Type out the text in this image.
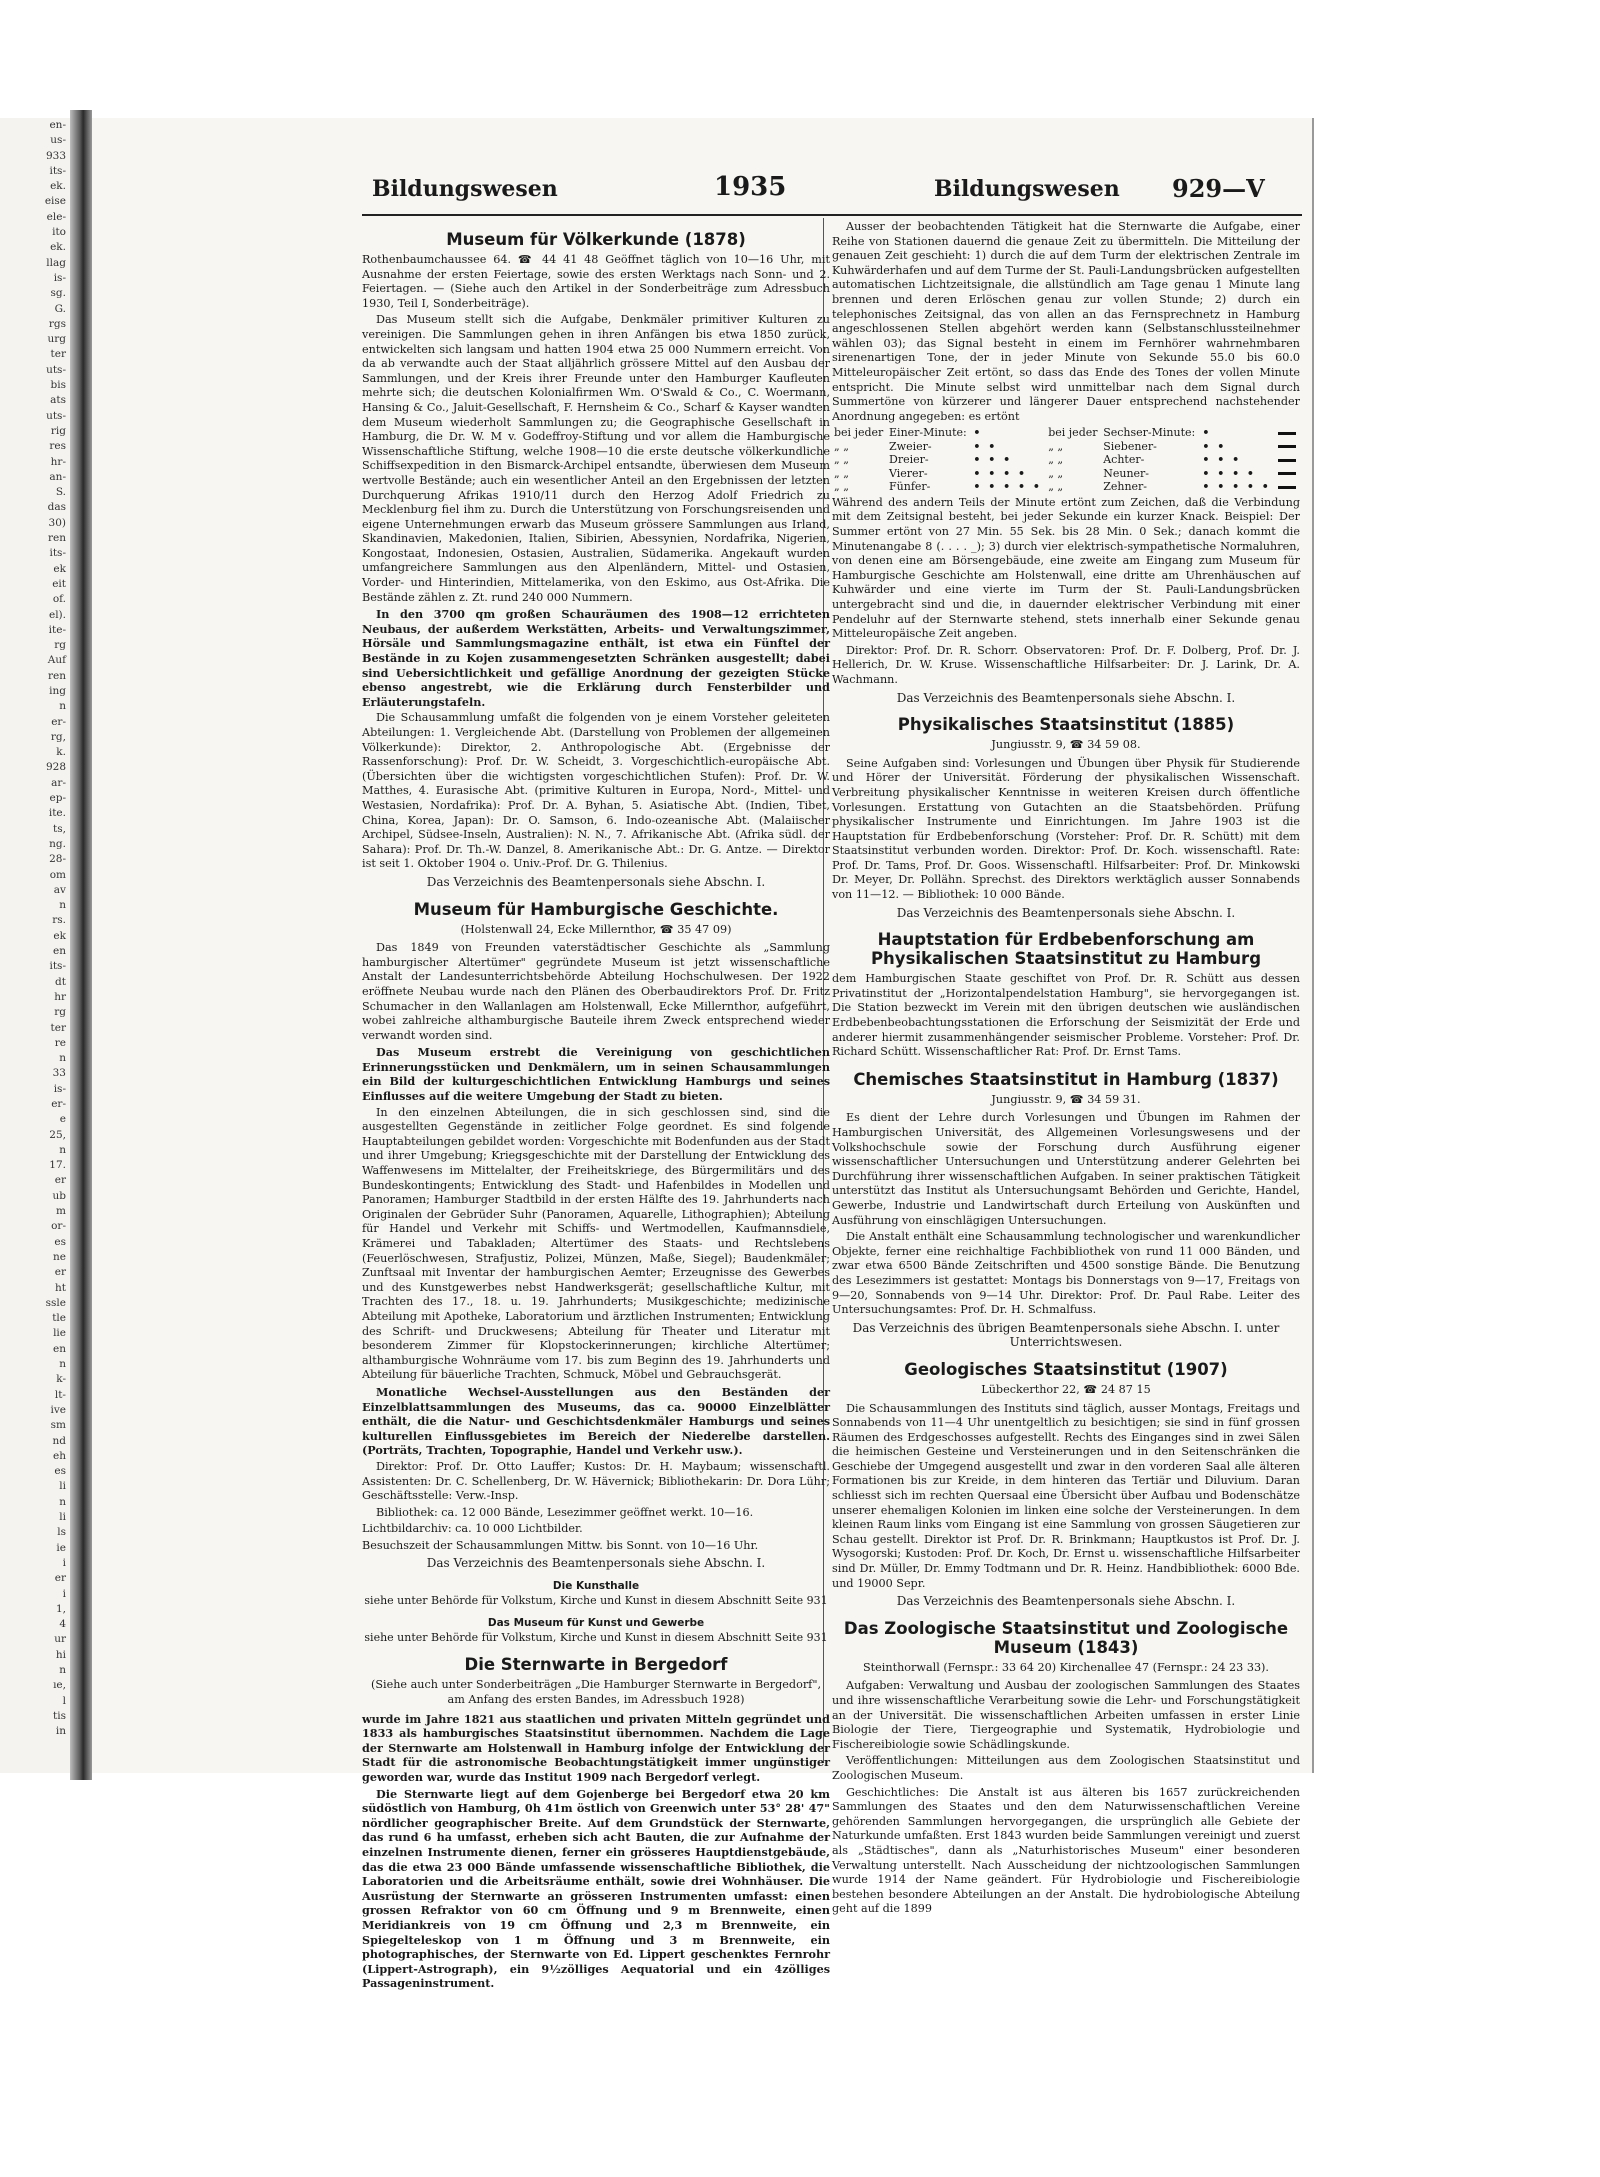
en-
us-
933
its-
ek.
eise
ele-
ito
ek.
llag
is-
sg.
G.
rgs
urg
ter
uts-
bis
ats
uts-
rig
res
hr-
an-
S.
das
30)
ren
its-
ek
eit
of.
el).
ite-
rg
Auf
ren
ing
n
er-
rg,
k.
928
ar-
ep-
ite.
ts,
ng.
28-
om
av
n
rs.
ek
en
its-
dt
hr
rg
ter
re
n
33
is-
er-
e
25,
n
17.
er
ub
m
or-
es
ne
er
ht
ssle
tle
lie
en
n
k-
lt-
ive
sm
nd
eh
es
li
n
li
ls
ie
i
er
i
1,
4
ur
hi
n
ıe,
l
tis
in
Bildungswesen	1935	Bildungswesen 929—V
Museum für Völkerkunde (1878)

Rothenbaumchaussee 64. ☎ 44 41 48 Geöffnet täglich von 10—16 Uhr, mit Ausnahme der ersten Feiertage, sowie des ersten Werktags nach Sonn- und 2. Feiertagen. — (Siehe auch den Artikel in der Sonderbeiträge zum Adressbuch 1930, Teil I, Sonderbeiträge).

Das Museum stellt sich die Aufgabe, Denkmäler primitiver Kulturen zu vereinigen. Die Sammlungen gehen in ihren Anfängen bis etwa 1850 zurück, entwickelten sich langsam und hatten 1904 etwa 25 000 Nummern erreicht. Von da ab verwandte auch der Staat alljährlich grössere Mittel auf den Ausbau der Sammlungen, und der Kreis ihrer Freunde unter den Hamburger Kaufleuten mehrte sich; die deutschen Kolonialfirmen Wm. O'Swald & Co., C. Woermann, Hansing & Co., Jaluit-Gesellschaft, F. Hernsheim & Co., Scharf & Kayser wandten dem Museum wiederholt Sammlungen zu; die Geographische Gesellschaft in Hamburg, die Dr. W. M v. Godeffroy-Stiftung und vor allem die Hamburgische Wissenschaftliche Stiftung, welche 1908—10 die erste deutsche völkerkundliche Schiffsexpedition in den Bismarck-Archipel entsandte, überwiesen dem Museum wertvolle Bestände; auch ein wesentlicher Anteil an den Ergebnissen der letzten Durchquerung Afrikas 1910/11 durch den Herzog Adolf Friedrich zu Mecklenburg fiel ihm zu. Durch die Unterstützung von Forschungsreisenden und eigene Unternehmungen erwarb das Museum grössere Sammlungen aus Irland, Skandinavien, Makedonien, Italien, Sibirien, Abessynien, Nordafrika, Nigerien, Kongostaat, Indonesien, Ostasien, Australien, Südamerika. Angekauft wurden umfangreichere Sammlungen aus den Alpenländern, Mittel- und Ostasien, Vorder- und Hinterindien, Mittelamerika, von den Eskimo, aus Ost-Afrika. Die Bestände zählen z. Zt. rund 240 000 Nummern.

In den 3700 qm großen Schauräumen des 1908—12 errichteten Neubaus, der außerdem Werkstätten, Arbeits- und Verwaltungszimmer, Hörsäle und Sammlungsmagazine enthält, ist etwa ein Fünftel der Bestände in zu Kojen zusammengesetzten Schränken ausgestellt; dabei sind Uebersichtlichkeit und gefällige Anordnung der gezeigten Stücke ebenso angestrebt, wie die Erklärung durch Fensterbilder und Erläuterungstafeln.

Die Schausammlung umfaßt die folgenden von je einem Vorsteher geleiteten Abteilungen: 1. Vergleichende Abt. (Darstellung von Problemen der allgemeinen Völkerkunde): Direktor, 2. Anthropologische Abt. (Ergebnisse der Rassenforschung): Prof. Dr. W. Scheidt, 3. Vorgeschichtlich-europäische Abt. (Übersichten über die wichtigsten vorgeschichtlichen Stufen): Prof. Dr. W. Matthes, 4. Eurasische Abt. (primitive Kulturen in Europa, Nord-, Mittel- und Westasien, Nordafrika): Prof. Dr. A. Byhan, 5. Asiatische Abt. (Indien, Tibet, China, Korea, Japan): Dr. O. Samson, 6. Indo-ozeanische Abt. (Malaiischer Archipel, Südsee-Inseln, Australien): N. N., 7. Afrikanische Abt. (Afrika südl. der Sahara): Prof. Dr. Th.-W. Danzel, 8. Amerikanische Abt.: Dr. G. Antze. — Direktor ist seit 1. Oktober 1904 o. Univ.-Prof. Dr. G. Thilenius.

Das Verzeichnis des Beamtenpersonals siehe Abschn. I.

Museum für Hamburgische Geschichte.
(Holstenwall 24, Ecke Millernthor, ☎ 35 47 09)

Das 1849 von Freunden vaterstädtischer Geschichte als „Sammlung hamburgischer Altertümer" gegründete Museum ist jetzt wissenschaftliche Anstalt der Landesunterrichtsbehörde Abteilung Hochschulwesen. Der 1922 eröffnete Neubau wurde nach den Plänen des Oberbaudirektors Prof. Dr. Fritz Schumacher in den Wallanlagen am Holstenwall, Ecke Millernthor, aufgeführt, wobei zahlreiche althamburgische Bauteile ihrem Zweck entsprechend wieder verwandt worden sind.

Das Museum erstrebt die Vereinigung von geschichtlichen Erinnerungsstücken und Denkmälern, um in seinen Schausammlungen ein Bild der kulturgeschichtlichen Entwicklung Hamburgs und seines Einflusses auf die weitere Umgebung der Stadt zu bieten.

In den einzelnen Abteilungen, die in sich geschlossen sind, sind die ausgestellten Gegenstände in zeitlicher Folge geordnet. Es sind folgende Hauptabteilungen gebildet worden: Vorgeschichte mit Bodenfunden aus der Stadt und ihrer Umgebung; Kriegsgeschichte mit der Darstellung der Entwicklung des Waffenwesens im Mittelalter, der Freiheitskriege, des Bürgermilitärs und des Bundeskontingents; Entwicklung des Stadt- und Hafenbildes in Modellen und Panoramen; Hamburger Stadtbild in der ersten Hälfte des 19. Jahrhunderts nach Originalen der Gebrüder Suhr (Panoramen, Aquarelle, Lithographien); Abteilung für Handel und Verkehr mit Schiffs- und Wertmodellen, Kaufmannsdiele, Krämerei und Tabakladen; Altertümer des Staats- und Rechtslebens (Feuerlöschwesen, Strafjustiz, Polizei, Münzen, Maße, Siegel); Baudenkmäler; Zunftsaal mit Inventar der hamburgischen Aemter; Erzeugnisse des Gewerbes und des Kunstgewerbes nebst Handwerksgerät; gesellschaftliche Kultur, mit Trachten des 17., 18. u. 19. Jahrhunderts; Musikgeschichte; medizinische Abteilung mit Apotheke, Laboratorium und ärztlichen Instrumenten; Entwicklung des Schrift- und Druckwesens; Abteilung für Theater und Literatur mit besonderem Zimmer für Klopstockerinnerungen; kirchliche Altertümer; althamburgische Wohnräume vom 17. bis zum Beginn des 19. Jahrhunderts und Abteilung für bäuerliche Trachten, Schmuck, Möbel und Gebrauchsgerät.

Monatliche Wechsel-Ausstellungen aus den Beständen der Einzelblattsammlungen des Museums, das ca. 90000 Einzelblätter enthält, die die Natur- und Geschichtsdenkmäler Hamburgs und seines kulturellen Einflussgebietes im Bereich der Niederelbe darstellen. (Porträts, Trachten, Topographie, Handel und Verkehr usw.).

Direktor: Prof. Dr. Otto Lauffer; Kustos: Dr. H. Maybaum; wissenschaftl. Assistenten: Dr. C. Schellenberg, Dr. W. Hävernick; Bibliothekarin: Dr. Dora Lühr; Geschäftsstelle: Verw.-Insp.

Bibliothek: ca. 12 000 Bände, Lesezimmer geöffnet werkt. 10—16.

Lichtbildarchiv: ca. 10 000 Lichtbilder.

Besuchszeit der Schausammlungen Mittw. bis Sonnt. von 10—16 Uhr.

Das Verzeichnis des Beamtenpersonals siehe Abschn. I.

Die Kunsthalle

siehe unter Behörde für Volkstum, Kirche und Kunst in diesem Abschnitt Seite 931

Das Museum für Kunst und Gewerbe

siehe unter Behörde für Volkstum, Kirche und Kunst in diesem Abschnitt Seite 931

Die Sternwarte in Bergedorf
(Siehe auch unter Sonderbeiträgen „Die Hamburger Sternwarte in Bergedorf", am Anfang des ersten Bandes, im Adressbuch 1928)

wurde im Jahre 1821 aus staatlichen und privaten Mitteln gegründet und 1833 als hamburgisches Staatsinstitut übernommen. Nachdem die Lage der Sternwarte am Holstenwall in Hamburg infolge der Entwicklung der Stadt für die astronomische Beobachtungstätigkeit immer ungünstiger geworden war, wurde das Institut 1909 nach Bergedorf verlegt.

Die Sternwarte liegt auf dem Gojenberge bei Bergedorf etwa 20 km südöstlich von Hamburg, 0h 41m östlich von Greenwich unter 53° 28' 47" nördlicher geographischer Breite. Auf dem Grundstück der Sternwarte, das rund 6 ha umfasst, erheben sich acht Bauten, die zur Aufnahme der einzelnen Instrumente dienen, ferner ein grösseres Hauptdienstgebäude, das die etwa 23 000 Bände umfassende wissenschaftliche Bibliothek, die Laboratorien und die Arbeitsräume enthält, sowie drei Wohnhäuser. Die Ausrüstung der Sternwarte an grösseren Instrumenten umfasst: einen grossen Refraktor von 60 cm Öffnung und 9 m Brennweite, einen Meridiankreis von 19 cm Öffnung und 2,3 m Brennweite, ein Spiegelteleskop von 1 m Öffnung und 3 m Brennweite, ein photographisches, der Sternwarte von Ed. Lippert geschenktes Fernrohr (Lippert-Astrograph), ein 9½zölliges Aequatorial und ein 4zölliges Passageninstrument.

Ausser der beobachtenden Tätigkeit hat die Sternwarte die Aufgabe, einer Reihe von Stationen dauernd die genaue Zeit zu übermitteln. Die Mitteilung der genauen Zeit geschieht: 1) durch die auf dem Turm der elektrischen Zentrale im Kuhwärderhafen und auf dem Turme der St. Pauli-Landungsbrücken aufgestellten automatischen Lichtzeitsignale, die allstündlich am Tage genau 1 Minute lang brennen und deren Erlöschen genau zur vollen Stunde; 2) durch ein telephonisches Zeitsignal, das von allen an das Fernsprechnetz in Hamburg angeschlossenen Stellen abgehört werden kann (Selbstanschlussteilnehmer wählen 03); das Signal besteht in einem im Fernhörer wahrnehmbaren sirenenartigen Tone, der in jeder Minute von Sekunde 55.0 bis 60.0 Mitteleuropäischer Zeit ertönt, so dass das Ende des Tones der vollen Minute entspricht. Die Minute selbst wird unmittelbar nach dem Signal durch Summertöne von kürzerer und längerer Dauer entsprechend nachstehender Anordnung angegeben: es ertönt

bei jeder	Einer-Minute:	•	bei jeder	Sechser-Minute:	•	
„ „	Zweier-	• •	„ „	Siebener-	• •	
„ „	Dreier-	• • •	„ „	Achter-	• • •	
„ „	Vierer-	• • • •	„ „	Neuner-	• • • •	
„ „	Fünfer-	• • • • •	„ „	Zehner-	• • • • •	

Während des andern Teils der Minute ertönt zum Zeichen, daß die Verbindung mit dem Zeitsignal besteht, bei jeder Sekunde ein kurzer Knack. Beispiel: Der Summer ertönt von 27 Min. 55 Sek. bis 28 Min. 0 Sek.; danach kommt die Minutenangabe 8 (. . . . _); 3) durch vier elektrisch-sympathetische Normaluhren, von denen eine am Börsengebäude, eine zweite am Eingang zum Museum für Hamburgische Geschichte am Holstenwall, eine dritte am Uhrenhäuschen auf Kuhwärder und eine vierte im Turm der St. Pauli-Landungsbrücken untergebracht sind und die, in dauernder elektrischer Verbindung mit einer Pendeluhr auf der Sternwarte stehend, stets innerhalb einer Sekunde genau Mitteleuropäische Zeit angeben.

Direktor: Prof. Dr. R. Schorr. Observatoren: Prof. Dr. F. Dolberg, Prof. Dr. J. Hellerich, Dr. W. Kruse. Wissenschaftliche Hilfsarbeiter: Dr. J. Larink, Dr. A. Wachmann.

Das Verzeichnis des Beamtenpersonals siehe Abschn. I.

Physikalisches Staatsinstitut (1885)
Jungiusstr. 9, ☎ 34 59 08.

Seine Aufgaben sind: Vorlesungen und Übungen über Physik für Studierende und Hörer der Universität. Förderung der physikalischen Wissenschaft. Verbreitung physikalischer Kenntnisse in weiteren Kreisen durch öffentliche Vorlesungen. Erstattung von Gutachten an die Staatsbehörden. Prüfung physikalischer Instrumente und Einrichtungen. Im Jahre 1903 ist die Hauptstation für Erdbebenforschung (Vorsteher: Prof. Dr. R. Schütt) mit dem Staatsinstitut verbunden worden. Direktor: Prof. Dr. Koch. wissenschaftl. Rate: Prof. Dr. Tams, Prof. Dr. Goos. Wissenschaftl. Hilfsarbeiter: Prof. Dr. Minkowski Dr. Meyer, Dr. Pollähn. Sprechst. des Direktors werktäglich ausser Sonnabends von 11—12. — Bibliothek: 10 000 Bände.

Das Verzeichnis des Beamtenpersonals siehe Abschn. I.

Hauptstation für Erdbebenforschung am Physikalischen Staatsinstitut zu Hamburg

dem Hamburgischen Staate geschiftet von Prof. Dr. R. Schütt aus dessen Privatinstitut der „Horizontalpendelstation Hamburg", sie hervorgegangen ist. Die Station bezweckt im Verein mit den übrigen deutschen wie ausländischen Erdbebenbeobachtungsstationen die Erforschung der Seismizität der Erde und anderer hiermit zusammenhängender seismischer Probleme. Vorsteher: Prof. Dr. Richard Schütt. Wissenschaftlicher Rat: Prof. Dr. Ernst Tams.

Chemisches Staatsinstitut in Hamburg (1837)
Jungiusstr. 9, ☎ 34 59 31.

Es dient der Lehre durch Vorlesungen und Übungen im Rahmen der Hamburgischen Universität, des Allgemeinen Vorlesungswesens und der Volkshochschule sowie der Forschung durch Ausführung eigener wissenschaftlicher Untersuchungen und Unterstützung anderer Gelehrten bei Durchführung ihrer wissenschaftlichen Aufgaben. In seiner praktischen Tätigkeit unterstützt das Institut als Untersuchungsamt Behörden und Gerichte, Handel, Gewerbe, Industrie und Landwirtschaft durch Erteilung von Auskünften und Ausführung von einschlägigen Untersuchungen.

Die Anstalt enthält eine Schausammlung technologischer und warenkundlicher Objekte, ferner eine reichhaltige Fachbibliothek von rund 11 000 Bänden, und zwar etwa 6500 Bände Zeitschriften und 4500 sonstige Bände. Die Benutzung des Lesezimmers ist gestattet: Montags bis Donnerstags von 9—17, Freitags von 9—20, Sonnabends von 9—14 Uhr. Direktor: Prof. Dr. Paul Rabe. Leiter des Untersuchungsamtes: Prof. Dr. H. Schmalfuss.

Das Verzeichnis des übrigen Beamtenpersonals siehe Abschn. I. unter Unterrichtswesen.

Geologisches Staatsinstitut (1907)
Lübeckerthor 22, ☎ 24 87 15

Die Schausammlungen des Instituts sind täglich, ausser Montags, Freitags und Sonnabends von 11—4 Uhr unentgeltlich zu besichtigen; sie sind in fünf grossen Räumen des Erdgeschosses aufgestellt. Rechts des Einganges sind in zwei Sälen die heimischen Gesteine und Versteinerungen und in den Seitenschränken die Geschiebe der Umgegend ausgestellt und zwar in den vorderen Saal alle älteren Formationen bis zur Kreide, in dem hinteren das Tertiär und Diluvium. Daran schliesst sich im rechten Quersaal eine Übersicht über Aufbau und Bodenschätze unserer ehemaligen Kolonien im linken eine solche der Versteinerungen. In dem kleinen Raum links vom Eingang ist eine Sammlung von grossen Säugetieren zur Schau gestellt. Direktor ist Prof. Dr. R. Brinkmann; Hauptkustos ist Prof. Dr. J. Wysogorski; Kustoden: Prof. Dr. Koch, Dr. Ernst u. wissenschaftliche Hilfsarbeiter sind Dr. Müller, Dr. Emmy Todtmann und Dr. R. Heinz. Handbibliothek: 6000 Bde. und 19000 Sepr.

Das Verzeichnis des Beamtenpersonals siehe Abschn. I.

Das Zoologische Staatsinstitut und Zoologische Museum (1843)
Steinthorwall (Fernspr.: 33 64 20) Kirchenallee 47 (Fernspr.: 24 23 33).

Aufgaben: Verwaltung und Ausbau der zoologischen Sammlungen des Staates und ihre wissenschaftliche Verarbeitung sowie die Lehr- und Forschungstätigkeit an der Universität. Die wissenschaftlichen Arbeiten umfassen in erster Linie Biologie der Tiere, Tiergeographie und Systematik, Hydrobiologie und Fischereibiologie sowie Schädlingskunde.

Veröffentlichungen: Mitteilungen aus dem Zoologischen Staatsinstitut und Zoologischen Museum.

Geschichtliches: Die Anstalt ist aus älteren bis 1657 zurückreichenden Sammlungen des Staates und den dem Naturwissenschaftlichen Vereine gehörenden Sammlungen hervorgegangen, die ursprünglich alle Gebiete der Naturkunde umfaßten. Erst 1843 wurden beide Sammlungen vereinigt und zuerst als „Städtisches", dann als „Naturhistorisches Museum" einer besonderen Verwaltung unterstellt. Nach Ausscheidung der nichtzoologischen Sammlungen wurde 1914 der Name geändert. Für Hydrobiologie und Fischereibiologie bestehen besondere Abteilungen an der Anstalt. Die hydrobiologische Abteilung geht auf die 1899
